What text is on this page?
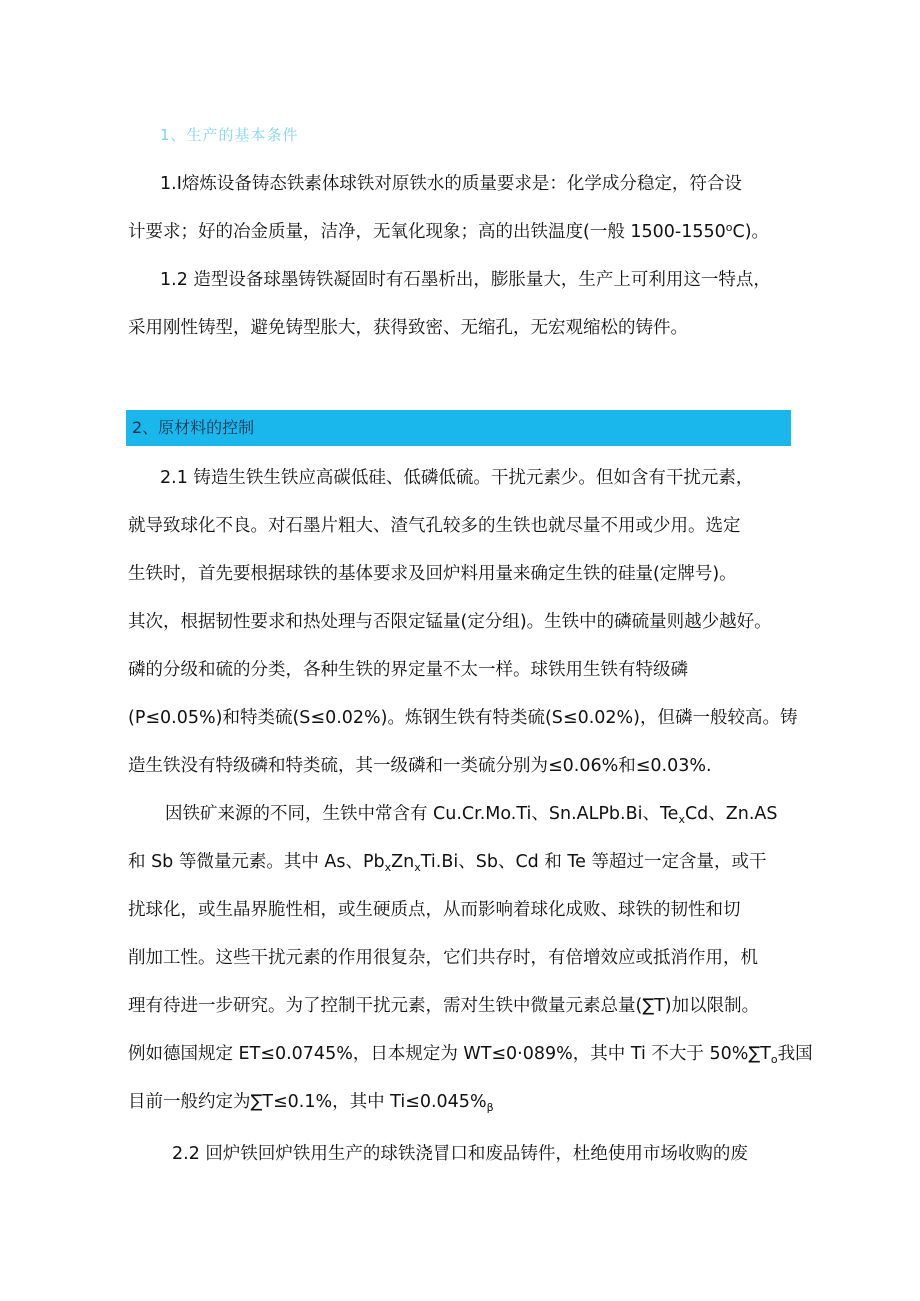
1、生产的基本条件
1.Ⅰ熔炼设备铸态铁素体球铁对原铁水的质量要求是：化学成分稳定，符合设
计要求；好的冶金质量，洁净，无氧化现象；高的出铁温度(一般 1500-1550$^o$C)。
1.2 造型设备球墨铸铁凝固时有石墨析出，膨胀量大，生产上可利用这一特点，
采用刚性铸型，避免铸型胀大，获得致密、无缩孔，无宏观缩松的铸件。
2、原材料的控制
2.1 铸造生铁生铁应高碳低硅、低磷低硫。干扰元素少。但如含有干扰元素，
就导致球化不良。对石墨片粗大、渣气孔较多的生铁也就尽量不用或少用。选定
生铁时，首先要根据球铁的基体要求及回炉料用量来确定生铁的硅量(定牌号)。
其次，根据韧性要求和热处理与否限定锰量(定分组)。生铁中的磷硫量则越少越好。
磷的分级和硫的分类，各种生铁的界定量不太一样。球铁用生铁有特级磷
(P≤0.05%)和特类硫(S≤0.02%)。炼钢生铁有特类硫(S≤0.02%)，但磷一般较高。铸
造生铁没有特级磷和特类硫，其一级磷和一类硫分别为≤0.06%和≤0.03%.
因铁矿来源的不同，生铁中常含有 Cu.Cr.Mo.Ti、Sn.ALPb.Bi、$Te_xCd$、Zn.AS
和 Sb 等微量元素。其中 As、$Pb_xZn_xTi.Bi$、Sb、Cd 和 Te 等超过一定含量，或干
扰球化，或生晶界脆性相，或生硬质点，从而影响着球化成败、球铁的韧性和切
削加工性。这些干扰元素的作用很复杂，它们共存时，有倍增效应或抵消作用，机
理有待进一步研究。为了控制干扰元素，需对生铁中微量元素总量(∑T)加以限制。
例如德国规定 ET≤0.0745%，日本规定为 WT≤0·089%，其中 Ti 不大于 $50\%\sum T_o$我国
目前一般约定为∑T≤0.1%，其中 $Ti\le 0.045\%_\beta$
2.2 回炉铁回炉铁用生产的球铁浇冒口和废品铸件，杜绝使用市场收购的废
